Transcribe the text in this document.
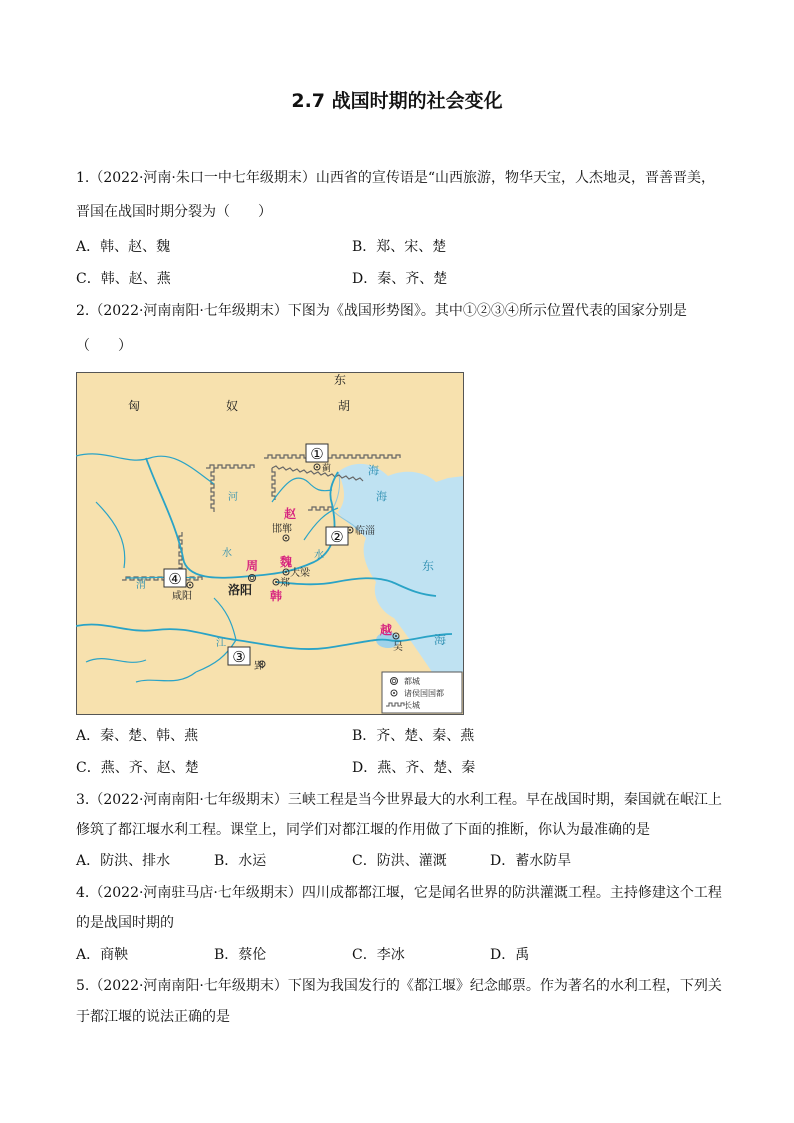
2.7 战国时期的社会变化
1.（2022·河南·朱口一中七年级期末）山西省的宣传语是“山西旅游，物华天宝，人杰地灵，晋善晋美，
晋国在战国时期分裂为（　　）
A．韩、赵、魏	B．郑、宋、楚
C．韩、赵、燕	D．秦、齐、楚
2.（2022·河南南阳·七年级期末）下图为《战国形势图》。其中①②③④所示位置代表的国家分别是
（　　）
匈	奴
东
胡
东
海
海
海
河
水	水
渭
江
蓟
临淄
邯郸
大梁
郑
洛阳
咸阳
郢
吴
赵
周 魏
韩
越
①
②
③
④
都城
诸侯国国都
长城
A．秦、楚、韩、燕	B．齐、楚、秦、燕
C．燕、齐、赵、楚	D．燕、齐、楚、秦
3.（2022·河南南阳·七年级期末）三峡工程是当今世界最大的水利工程。早在战国时期，秦国就在岷江上
修筑了都江堰水利工程。课堂上，同学们对都江堰的作用做了下面的推断，你认为最准确的是
A．防洪、排水	B．水运	C．防洪、灌溉	D．蓄水防旱
4.（2022·河南驻马店·七年级期末）四川成都都江堰，它是闻名世界的防洪灌溉工程。主持修建这个工程
的是战国时期的
A．商鞅	B．蔡伦	C．李冰	D．禹
5.（2022·河南南阳·七年级期末）下图为我国发行的《都江堰》纪念邮票。作为著名的水利工程，下列关
于都江堰的说法正确的是
